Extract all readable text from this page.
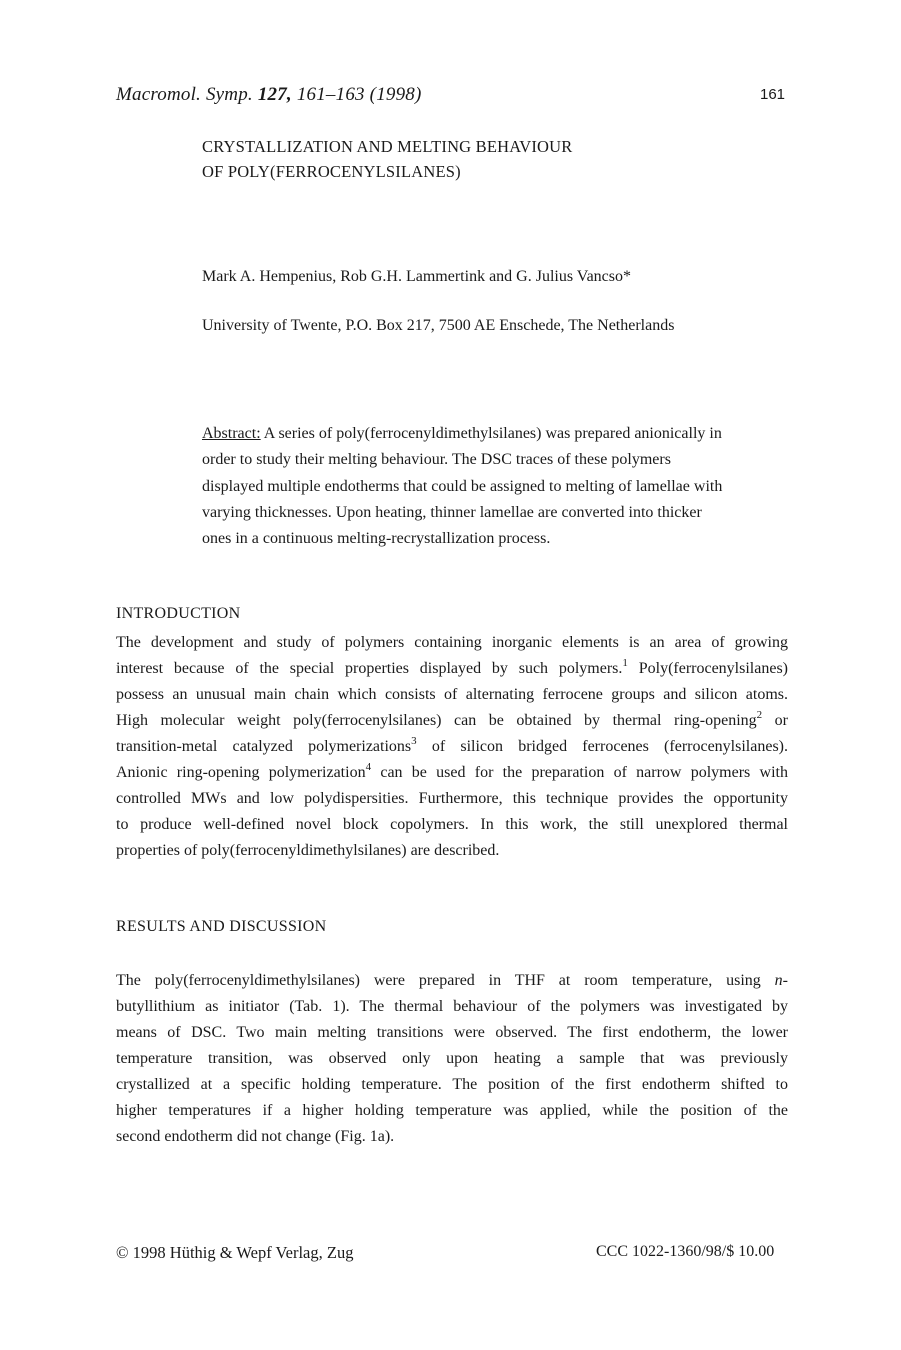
Macromol. Symp. 127, 161–163 (1998)	161
CRYSTALLIZATION AND MELTING BEHAVIOUR
OF POLY(FERROCENYLSILANES)
Mark A. Hempenius, Rob G.H. Lammertink and G. Julius Vancso*
University of Twente, P.O. Box 217, 7500 AE Enschede, The Netherlands
Abstract: A series of poly(ferrocenyldimethylsilanes) was prepared anionically in
order to study their melting behaviour. The DSC traces of these polymers
displayed multiple endotherms that could be assigned to melting of lamellae with
varying thicknesses. Upon heating, thinner lamellae are converted into thicker
ones in a continuous melting-recrystallization process.
INTRODUCTION
The development and study of polymers containing inorganic elements is an area of growing
interest because of the special properties displayed by such polymers.$^1$ Poly(ferrocenylsilanes)
possess an unusual main chain which consists of alternating ferrocene groups and silicon atoms.
High molecular weight poly(ferrocenylsilanes) can be obtained by thermal ring-opening$^2$ or
transition-metal catalyzed polymerizations$^3$ of silicon bridged ferrocenes (ferrocenylsilanes).
Anionic ring-opening polymerization$^4$ can be used for the preparation of narrow polymers with
controlled MWs and low polydispersities. Furthermore, this technique provides the opportunity
to produce well-defined novel block copolymers. In this work, the still unexplored thermal
properties of poly(ferrocenyldimethylsilanes) are described.
RESULTS AND DISCUSSION
The poly(ferrocenyldimethylsilanes) were prepared in THF at room temperature, using n-
butyllithium as initiator (Tab. 1). The thermal behaviour of the polymers was investigated by
means of DSC. Two main melting transitions were observed. The first endotherm, the lower
temperature transition, was observed only upon heating a sample that was previously
crystallized at a specific holding temperature. The position of the first endotherm shifted to
higher temperatures if a higher holding temperature was applied, while the position of the
second endotherm did not change (Fig. 1a).
© 1998 Hüthig & Wepf Verlag, Zug	CCC 1022-1360/98/$ 10.00
